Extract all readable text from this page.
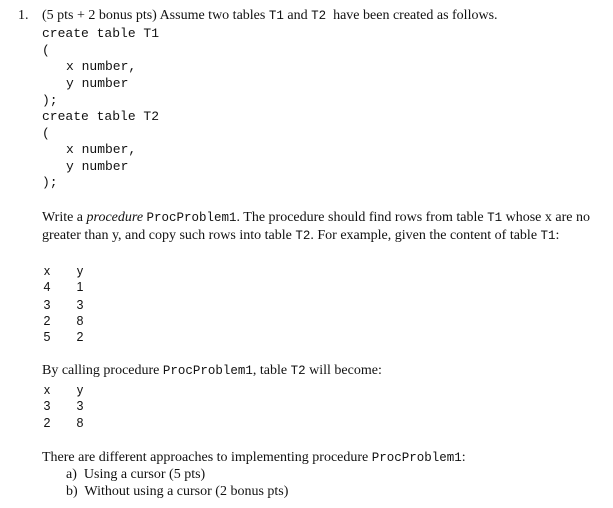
1. (5 pts + 2 bonus pts) Assume two tables T1 and T2  have been created as follows.
create table T1
(
x number,
y number
);
create table T2
(
x number,
y number
);
Write a procedure ProcProblem1. The procedure should find rows from table T1 whose x are no greater than y, and copy such rows into table T2. For example, given the content of table T1:
x	y
4 1
3 3
2 8
5 2
By calling procedure ProcProblem1, table T2 will become:
x	y
3 3
2 8
There are different approaches to implementing procedure ProcProblem1:
a) Using a cursor (5 pts)
b) Without using a cursor (2 bonus pts)
